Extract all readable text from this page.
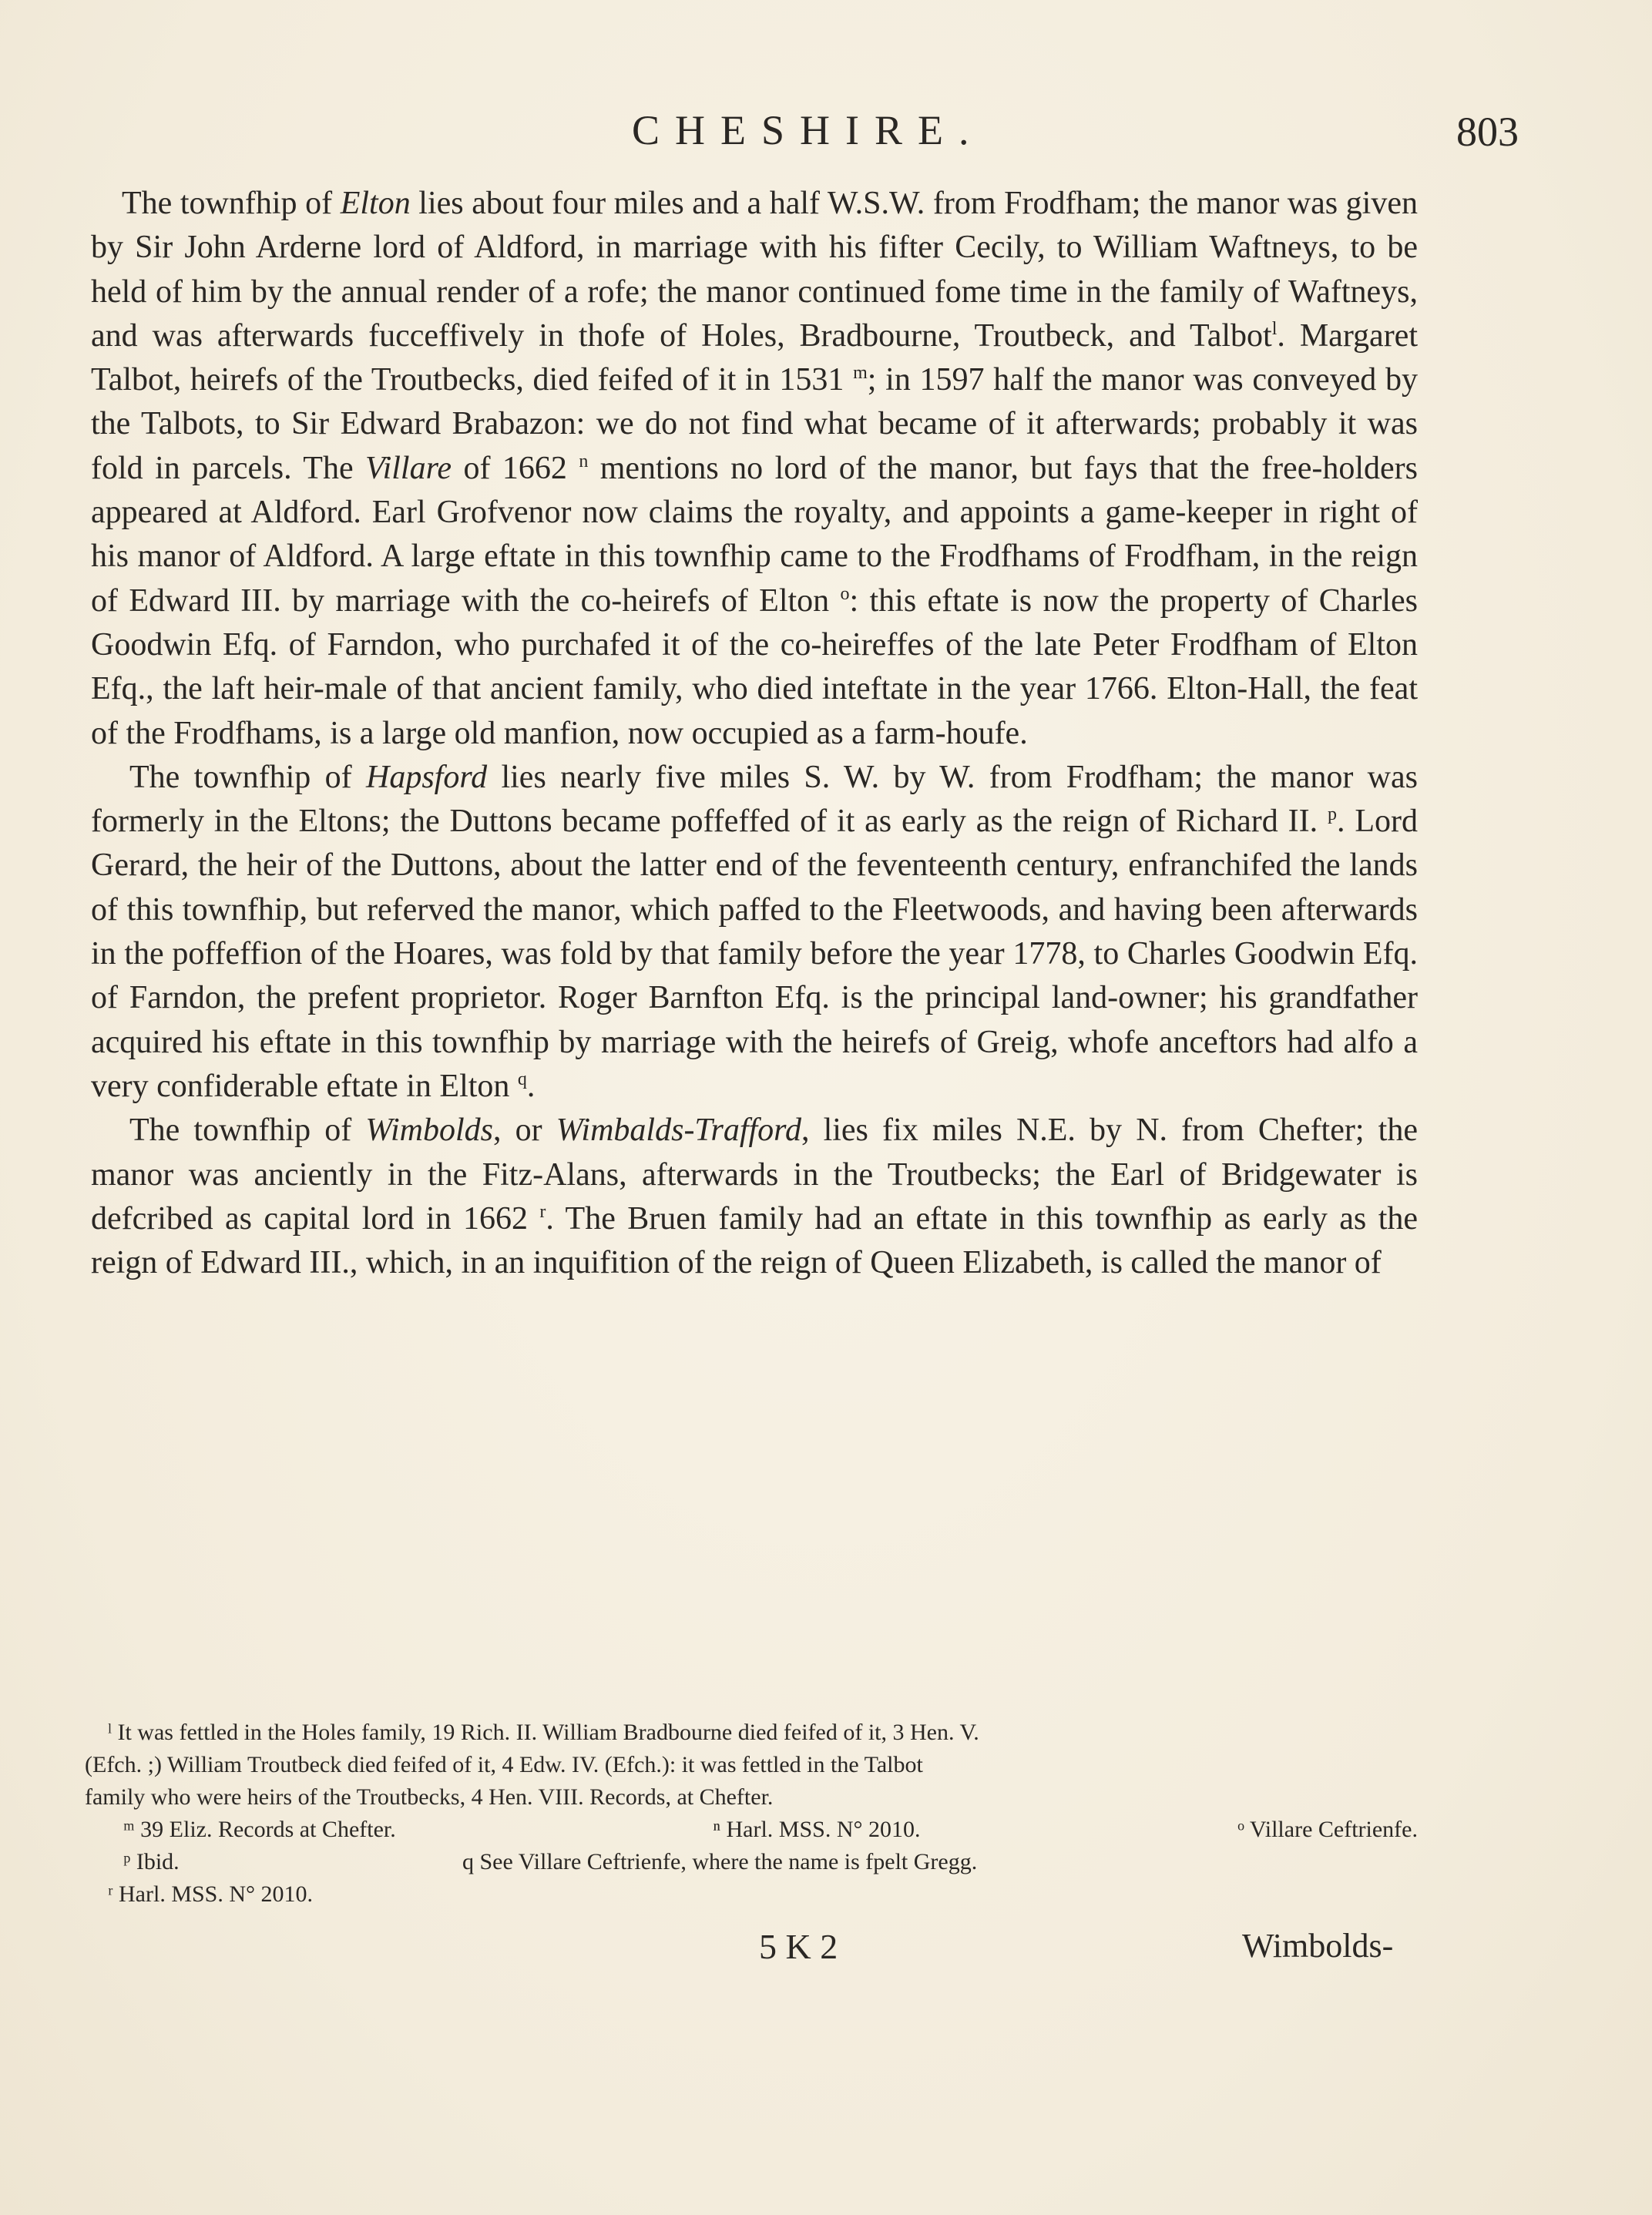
CHESHIRE.	803

The townfhip of Elton lies about four miles and a half W.S.W. from Frodfham; the manor was given by Sir John Arderne lord of Aldford, in marriage with his fifter Cecily, to William Waftneys, to be held of him by the annual render of a rofe; the manor continued fome time in the family of Waftneys, and was afterwards fucceffively in thofe of Holes, Bradbourne, Troutbeck, and Talbot$^l$. Margaret Talbot, heirefs of the Troutbecks, died feifed of it in 1531 $^m$; in 1597 half the manor was conveyed by the Talbots, to Sir Edward Brabazon: we do not find what became of it afterwards; probably it was fold in parcels. The Villare of 1662 $^n$ mentions no lord of the manor, but fays that the free-holders appeared at Aldford. Earl Grofvenor now claims the royalty, and appoints a game-keeper in right of his manor of Aldford. A large eftate in this townfhip came to the Frodfhams of Frodfham, in the reign of Edward III. by marriage with the co-heirefs of Elton $^o$: this eftate is now the property of Charles Goodwin Efq. of Farndon, who purchafed it of the co-heireffes of the late Peter Frodfham of Elton Efq., the laft heir-male of that ancient family, who died inteftate in the year 1766. Elton-Hall, the feat of the Frodfhams, is a large old manfion, now occupied as a farm-houfe.

The townfhip of Hapsford lies nearly five miles S. W. by W. from Frodfham; the manor was formerly in the Eltons; the Duttons became poffeffed of it as early as the reign of Richard II. $^p$. Lord Gerard, the heir of the Duttons, about the latter end of the feventeenth century, enfranchifed the lands of this townfhip, but referved the manor, which paffed to the Fleetwoods, and having been afterwards in the poffeffion of the Hoares, was fold by that family before the year 1778, to Charles Goodwin Efq. of Farndon, the prefent proprietor. Roger Barnfton Efq. is the principal land-owner; his grandfather acquired his eftate in this townfhip by marriage with the heirefs of Greig, whofe anceftors had alfo a very confiderable eftate in Elton $^q$.

The townfhip of Wimbolds, or Wimbalds-Trafford, lies fix miles N.E. by N. from Chefter; the manor was anciently in the Fitz-Alans, afterwards in the Troutbecks; the Earl of Bridgewater is defcribed as capital lord in 1662 $^r$. The Bruen family had an eftate in this townfhip as early as the reign of Edward III., which, in an inquifition of the reign of Queen Elizabeth, is called the manor of

ˡ It was fettled in the Holes family, 19 Rich. II. William Bradbourne died feifed of it, 3 Hen. V.
(Efch. ;) William Troutbeck died feifed of it, 4 Edw. IV. (Efch.): it was fettled in the Talbot
family who were heirs of the Troutbecks, 4 Hen. VIII. Records, at Chefter.
ᵐ 39 Eliz. Records at Chefter.	ⁿ Harl. MSS. N° 2010.	ᵒ Villare Ceftrienfe.
ᵖ Ibid.	q See Villare Ceftrienfe, where the name is fpelt Gregg.
ʳ Harl. MSS. N° 2010.
5 K 2	Wimbolds-
